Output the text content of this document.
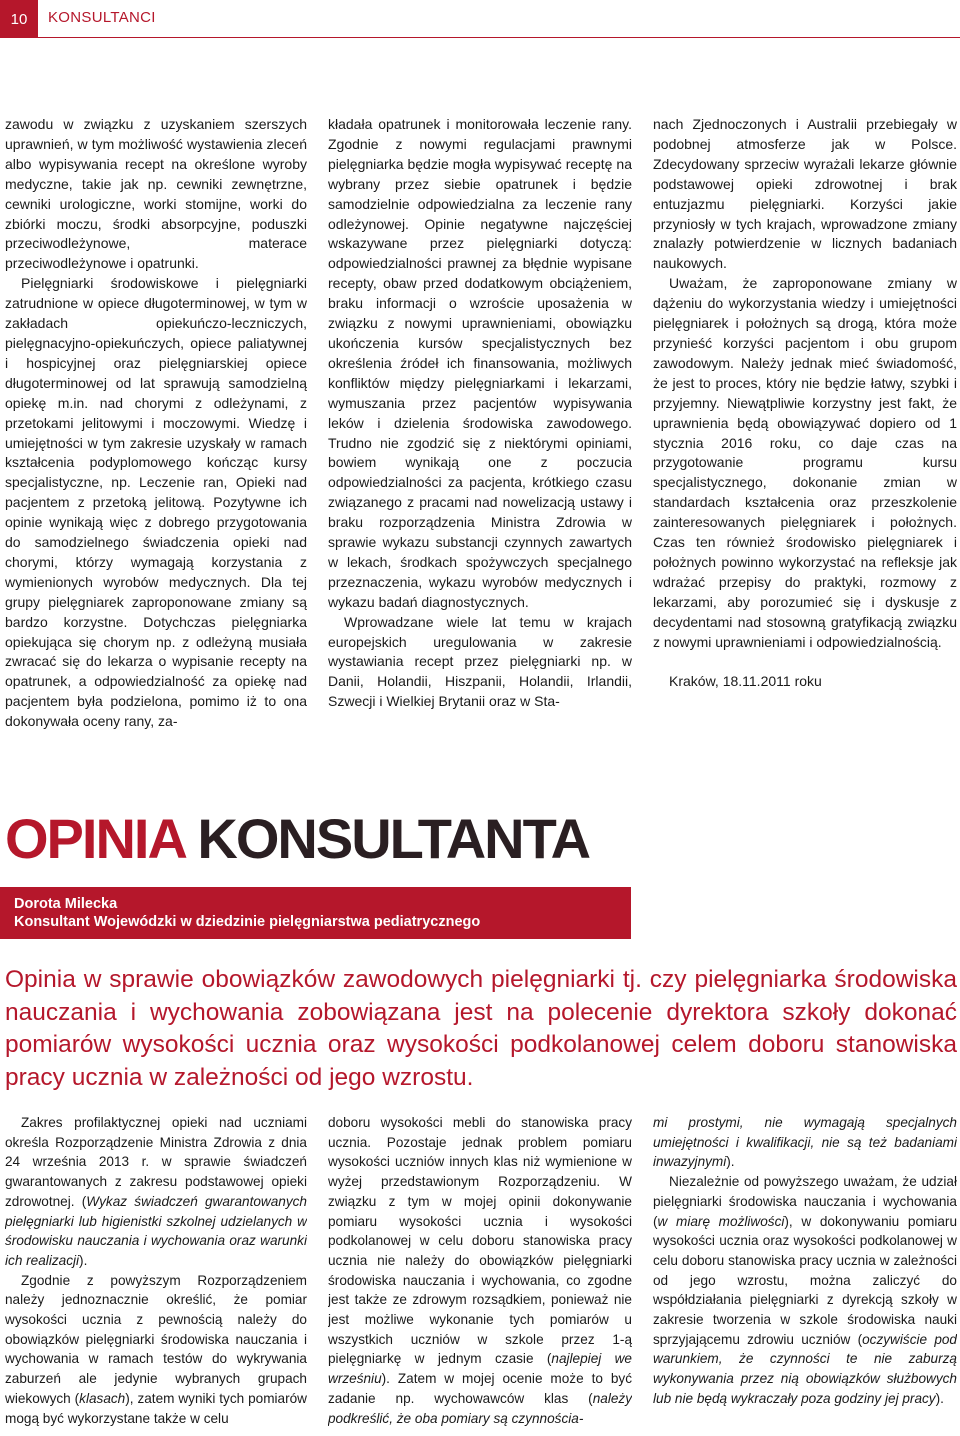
10	KONSULTANCI

zawodu w związku z uzyskaniem szerszych uprawnień, w tym możliwość wystawienia zleceń albo wypisywania recept na określone wyroby medyczne, takie jak np. cewniki zewnętrzne, cewniki urologiczne, worki stomijne, worki do zbiórki moczu, środki absorpcyjne, poduszki przeciwodleżynowe, materace przeciwodleżynowe i opatrunki.

Pielęgniarki środowiskowe i pielęgniarki zatrudnione w opiece długoterminowej, w tym w zakładach opiekuńczo-leczniczych, pielęgnacyjno-opiekuńczych, opiece paliatywnej i hospicyjnej oraz pielęgniarskiej opiece długoterminowej od lat sprawują samodzielną opiekę m.in. nad chorymi z odleżynami, z przetokami jelitowymi i moczowymi. Wiedzę i umiejętności w tym zakresie uzyskały w ramach kształcenia podyplomowego kończąc kursy specjalistyczne, np. Leczenie ran, Opieki nad pacjentem z przetoką jelitową. Pozytywne ich opinie wynikają więc z dobrego przygotowania do samodzielnego świadczenia opieki nad chorymi, którzy wymagają korzystania z wymienionych wyrobów medycznych. Dla tej grupy pielęgniarek zaproponowane zmiany są bardzo korzystne. Dotychczas pielęgniarka opiekująca się chorym np. z odleżyną musiała zwracać się do lekarza o wypisanie recepty na opatrunek, a odpowiedzialność za opiekę nad pacjentem była podzielona, pomimo iż to ona dokonywała oceny rany, za-

kładała opatrunek i monitorowała leczenie rany. Zgodnie z nowymi regulacjami prawnymi pielęgniarka będzie mogła wypisywać receptę na wybrany przez siebie opatrunek i będzie samodzielnie odpowiedzialna za leczenie rany odleżynowej. Opinie negatywne najczęściej wskazywane przez pielęgniarki dotyczą: odpowiedzialności prawnej za błędnie wypisane recepty, obaw przed dodatkowym obciążeniem, braku informacji o wzroście uposażenia w związku z nowymi uprawnieniami, obowiązku ukończenia kursów specjalistycznych bez określenia źródeł ich finansowania, możliwych konfliktów między pielęgniarkami i lekarzami, wymuszania przez pacjentów wypisywania leków i dzielenia środowiska zawodowego. Trudno nie zgodzić się z niektórymi opiniami, bowiem wynikają one z poczucia odpowiedzialności za pacjenta, krótkiego czasu związanego z pracami nad nowelizacją ustawy i braku rozporządzenia Ministra Zdrowia w sprawie wykazu substancji czynnych zawartych w lekach, środkach spożywczych specjalnego przeznaczenia, wykazu wyrobów medycznych i wykazu badań diagnostycznych.

Wprowadzane wiele lat temu w krajach europejskich uregulowania w zakresie wystawiania recept przez pielęgniarki np. w Danii, Holandii, Hiszpanii, Holandii, Irlandii, Szwecji i Wielkiej Brytanii oraz w Sta-

nach Zjednoczonych i Australii przebiegały w podobnej atmosferze jak w Polsce. Zdecydowany sprzeciw wyrażali lekarze głównie podstawowej opieki zdrowotnej i brak entuzjazmu pielęgniarki. Korzyści jakie przyniosły w tych krajach, wprowadzone zmiany znalazły potwierdzenie w licznych badaniach naukowych.

Uważam, że zaproponowane zmiany w dążeniu do wykorzystania wiedzy i umiejętności pielęgniarek i położnych są drogą, która może przynieść korzyści pacjentom i obu grupom zawodowym. Należy jednak mieć świadomość, że jest to proces, który nie będzie łatwy, szybki i przyjemny. Niewątpliwie korzystny jest fakt, że uprawnienia będą obowiązywać dopiero od 1 stycznia 2016 roku, co daje czas na przygotowanie programu kursu specjalistycznego, dokonanie zmian w standardach kształcenia oraz przeszkolenie zainteresowanych pielęgniarek i położnych. Czas ten również środowisko pielęgniarek i położnych powinno wykorzystać na refleksje jak wdrażać przepisy do praktyki, rozmowy z lekarzami, aby porozumieć się i dyskusje z decydentami nad stosowną gratyfikacją związku z nowymi uprawnieniami i odpowiedzialnością.

Kraków, 18.11.2011 roku

OPINIA KONSULTANTA
Dorota Milecka
Konsultant Wojewódzki w dziedzinie pielęgniarstwa pediatrycznego
Opinia w sprawie obowiązków zawodowych pielęgniarki tj. czy pielęgniarka środowiska nauczania i wychowania zobowiązana jest na polecenie dyrektora szkoły dokonać pomiarów wysokości ucznia oraz wysokości podkolanowej celem doboru stanowiska pracy ucznia w zależności od jego wzrostu.

Zakres profilaktycznej opieki nad uczniami określa Rozporządzenie Ministra Zdrowia z dnia 24 września 2013 r. w sprawie świadczeń gwarantowanych z zakresu podstawowej opieki zdrowotnej. (Wykaz świadczeń gwarantowanych pielęgniarki lub higienistki szkolnej udzielanych w środowisku nauczania i wychowania oraz warunki ich realizacji).

Zgodnie z powyższym Rozporządzeniem należy jednoznacznie określić, że pomiar wysokości ucznia z pewnością należy do obowiązków pielęgniarki środowiska nauczania i wychowania w ramach testów do wykrywania zaburzeń ale jedynie wybranych grupach wiekowych (klasach), zatem wyniki tych pomiarów mogą być wykorzystane także w celu

doboru wysokości mebli do stanowiska pracy ucznia. Pozostaje jednak problem pomiaru wysokości uczniów innych klas niż wymienione w wyżej przedstawionym Rozporządzeniu. W związku z tym w mojej opinii dokonywanie pomiaru wysokości ucznia i wysokości podkolanowej w celu doboru stanowiska pracy ucznia nie należy do obowiązków pielęgniarki środowiska nauczania i wychowania, co zgodne jest także ze zdrowym rozsądkiem, ponieważ nie jest możliwe wykonanie tych pomiarów u wszystkich uczniów w szkole przez 1-ą pielęgniarkę w jednym czasie (najlepiej we wrześniu). Zatem w mojej ocenie może to być zadanie np. wychowawców klas (należy podkreślić, że oba pomiary są czynnościa-

mi prostymi, nie wymagają specjalnych umiejętności i kwalifikacji, nie są też badaniami inwazyjnymi).

Niezależnie od powyższego uważam, że udział pielęgniarki środowiska nauczania i wychowania (w miarę możliwości), w dokonywaniu pomiaru wysokości ucznia oraz wysokości podkolanowej w celu doboru stanowiska pracy ucznia w zależności od jego wzrostu, można zaliczyć do współdziałania pielęgniarki z dyrekcją szkoły w zakresie tworzenia w szkole środowiska nauki sprzyjającemu zdrowiu uczniów (oczywiście pod warunkiem, że czynności te nie zaburzą wykonywania przez nią obowiązków służbowych lub nie będą wykraczały poza godziny jej pracy).
